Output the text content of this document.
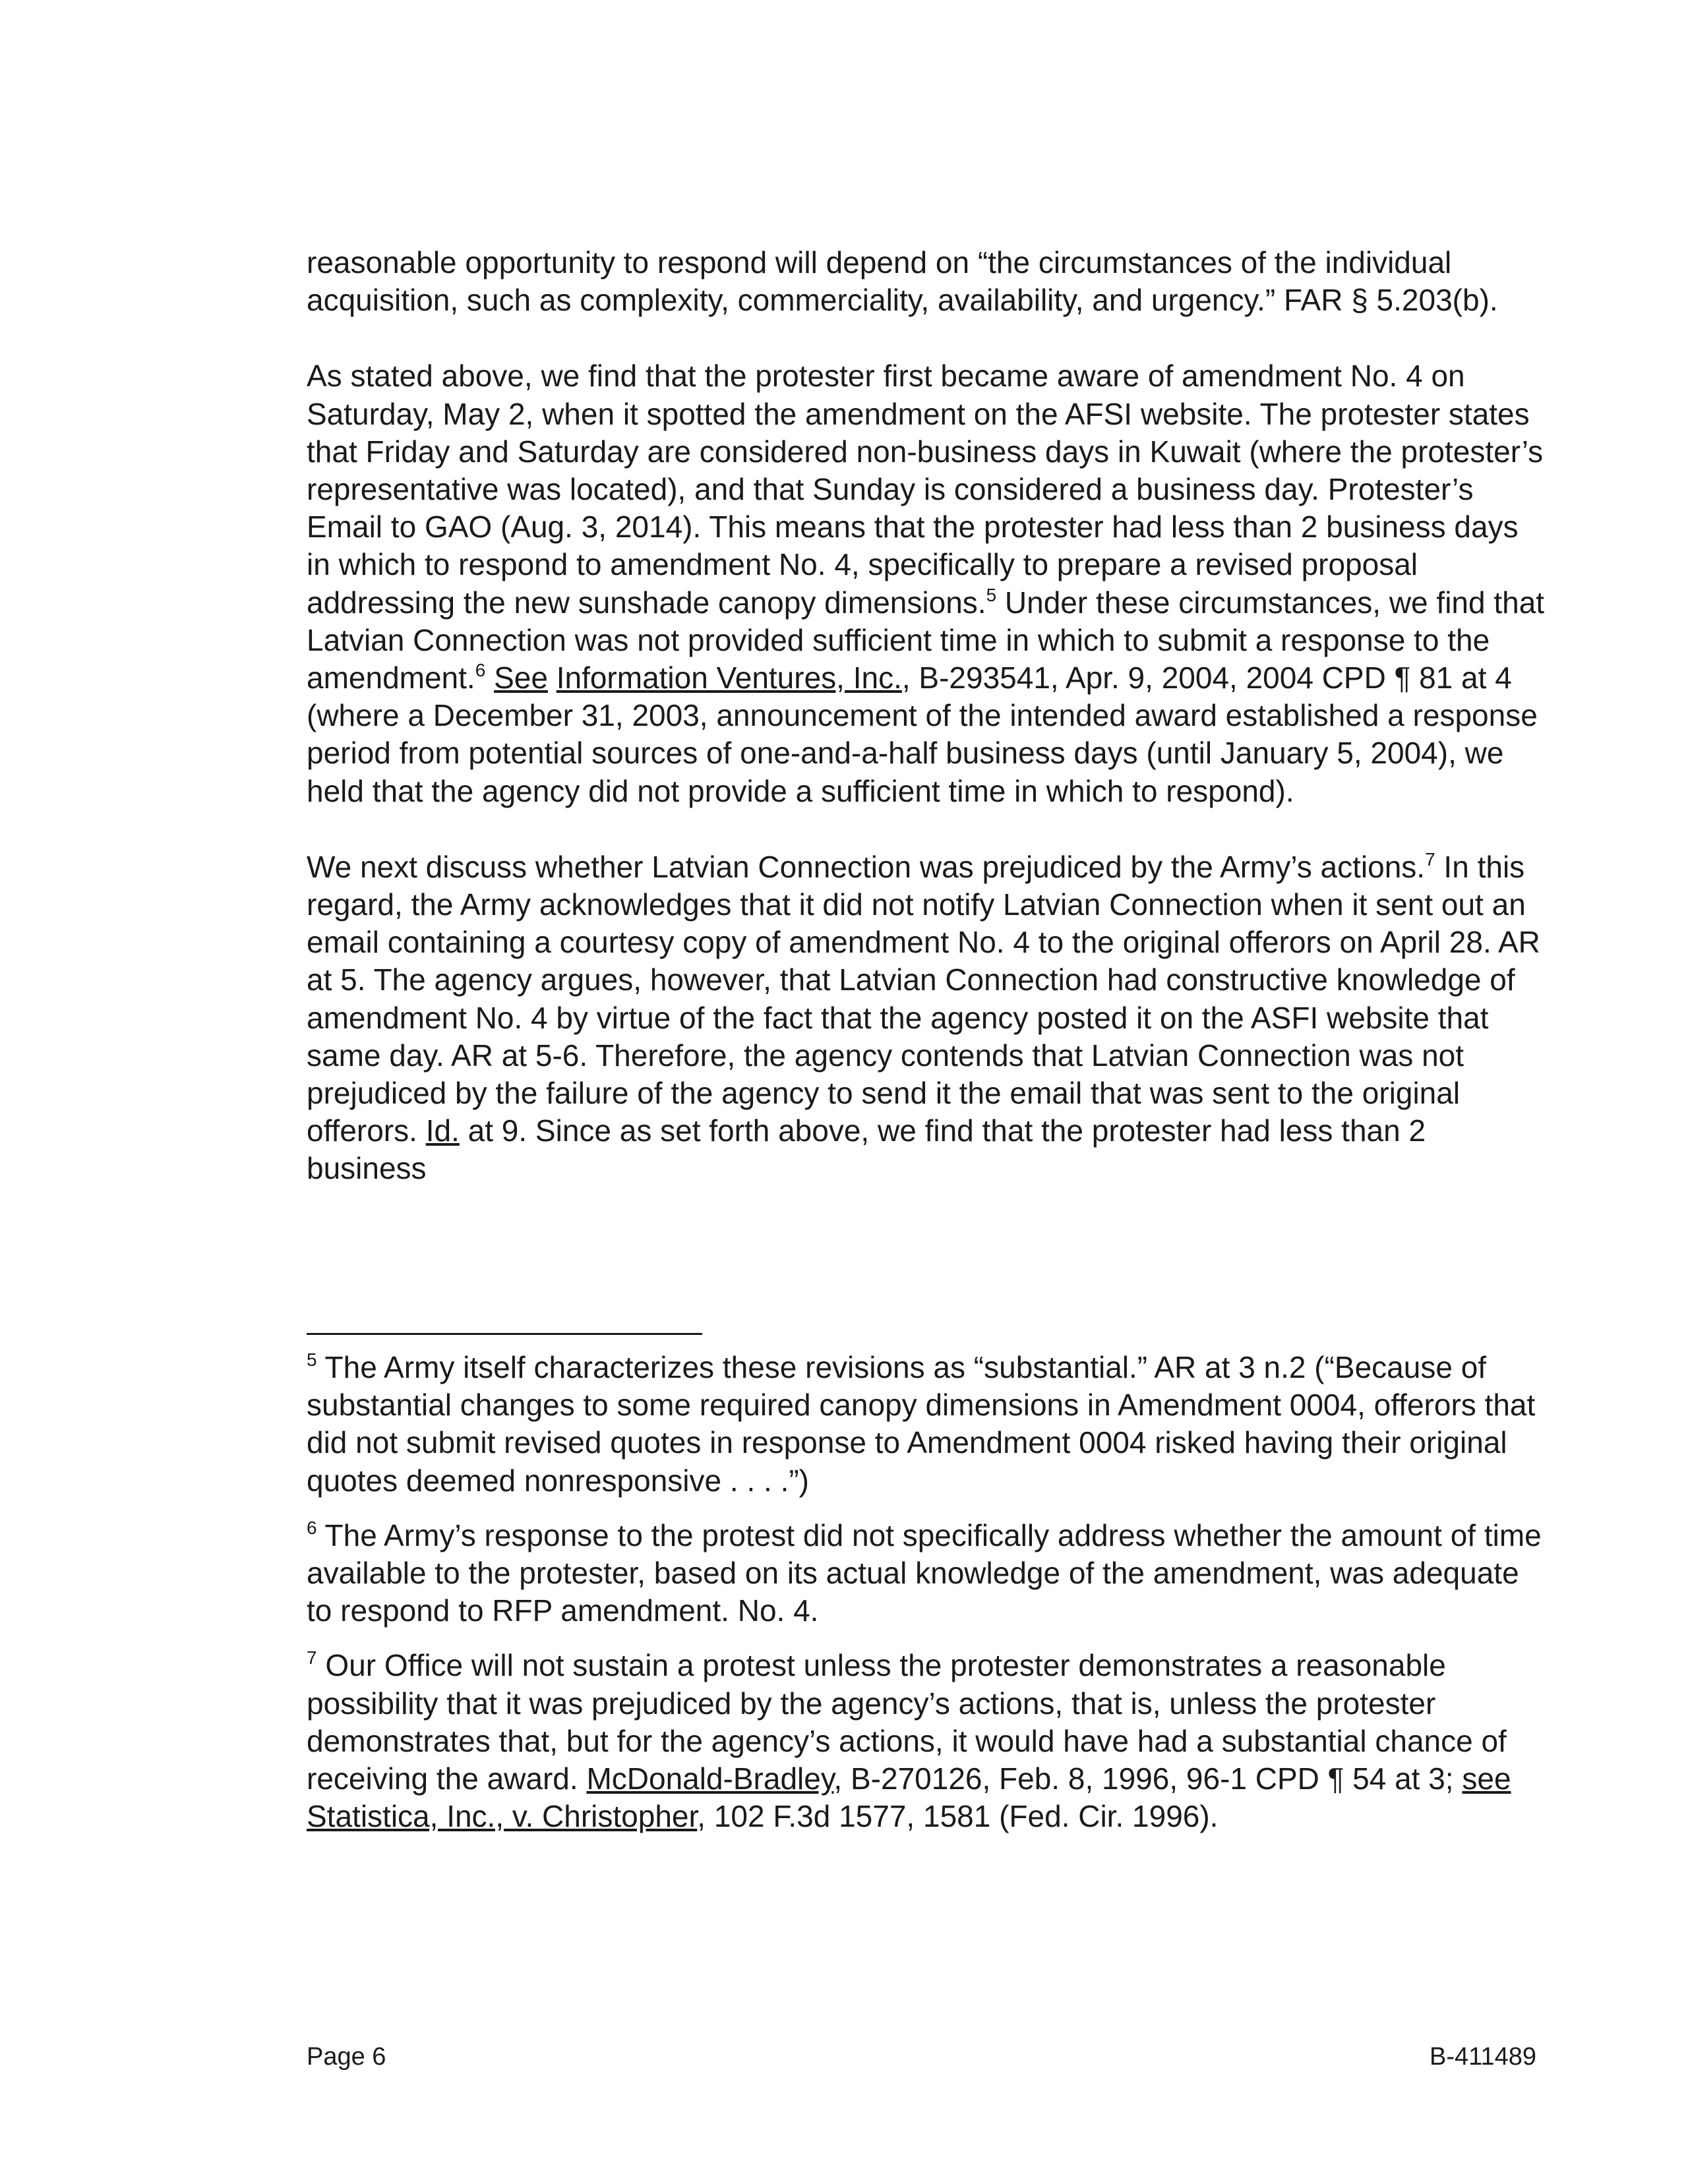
reasonable opportunity to respond will depend on “the circumstances of the individual acquisition, such as complexity, commerciality, availability, and urgency.” FAR § 5.203(b).

As stated above, we find that the protester first became aware of amendment No. 4 on Saturday, May 2, when it spotted the amendment on the AFSI website. The protester states that Friday and Saturday are considered non-business days in Kuwait (where the protester’s representative was located), and that Sunday is considered a business day. Protester’s Email to GAO (Aug. 3, 2014). This means that the protester had less than 2 business days in which to respond to amendment No. 4, specifically to prepare a revised proposal addressing the new sunshade canopy dimensions.$^5$ Under these circumstances, we find that Latvian Connection was not provided sufficient time in which to submit a response to the amendment.$^6$ See Information Ventures, Inc., B-293541, Apr. 9, 2004, 2004 CPD ¶ 81 at 4 (where a December 31, 2003, announcement of the intended award established a response period from potential sources of one-and-a-half business days (until January 5, 2004), we held that the agency did not provide a sufficient time in which to respond).

We next discuss whether Latvian Connection was prejudiced by the Army’s actions.$^7$ In this regard, the Army acknowledges that it did not notify Latvian Connection when it sent out an email containing a courtesy copy of amendment No. 4 to the original offerors on April 28. AR at 5. The agency argues, however, that Latvian Connection had constructive knowledge of amendment No. 4 by virtue of the fact that the agency posted it on the ASFI website that same day. AR at 5-6. Therefore, the agency contends that Latvian Connection was not prejudiced by the failure of the agency to send it the email that was sent to the original offerors. Id. at 9. Since as set forth above, we find that the protester had less than 2 business

$^5$ The Army itself characterizes these revisions as “substantial.” AR at 3 n.2 (“Because of substantial changes to some required canopy dimensions in Amendment 0004, offerors that did not submit revised quotes in response to Amendment 0004 risked having their original quotes deemed nonresponsive . . . .”)

$^6$ The Army’s response to the protest did not specifically address whether the amount of time available to the protester, based on its actual knowledge of the amendment, was adequate to respond to RFP amendment. No. 4.

$^7$ Our Office will not sustain a protest unless the protester demonstrates a reasonable possibility that it was prejudiced by the agency’s actions, that is, unless the protester demonstrates that, but for the agency’s actions, it would have had a substantial chance of receiving the award. McDonald-Bradley, B-270126, Feb. 8, 1996, 96-1 CPD ¶ 54 at 3; see Statistica, Inc., v. Christopher, 102 F.3d 1577, 1581 (Fed. Cir. 1996).

Page 6	B-411489
